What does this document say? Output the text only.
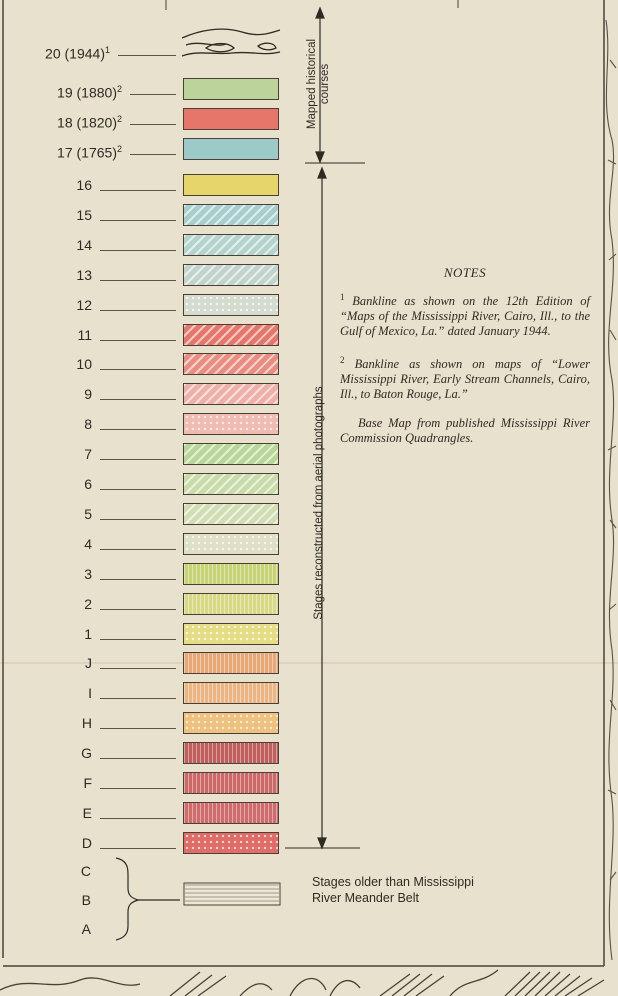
20 $(1944)^1$
19 $(1880)^2$
18 $(1820)^2$
17 $(1765)^2$
16
15
14
13
12
11
10
9
8
7
6
5
4
3
2
1
J
I
H
G
F
E
D
C
B
A
Mapped historical courses
Stages reconstructed from aerial photographs
NOTES

$^1$ Bankline as shown on the 12th Edition of “Maps of the Mississippi River, Cairo, Ill., to the Gulf of Mexico, La.” dated January 1944.

$^2$ Bankline as shown on maps of “Lower Mississippi River, Early Stream Channels, Cairo, Ill., to Baton Rouge, La.”

Base Map from published Mississippi River Commission Quadrangles.

Stages older than Mississippi
River Meander Belt
